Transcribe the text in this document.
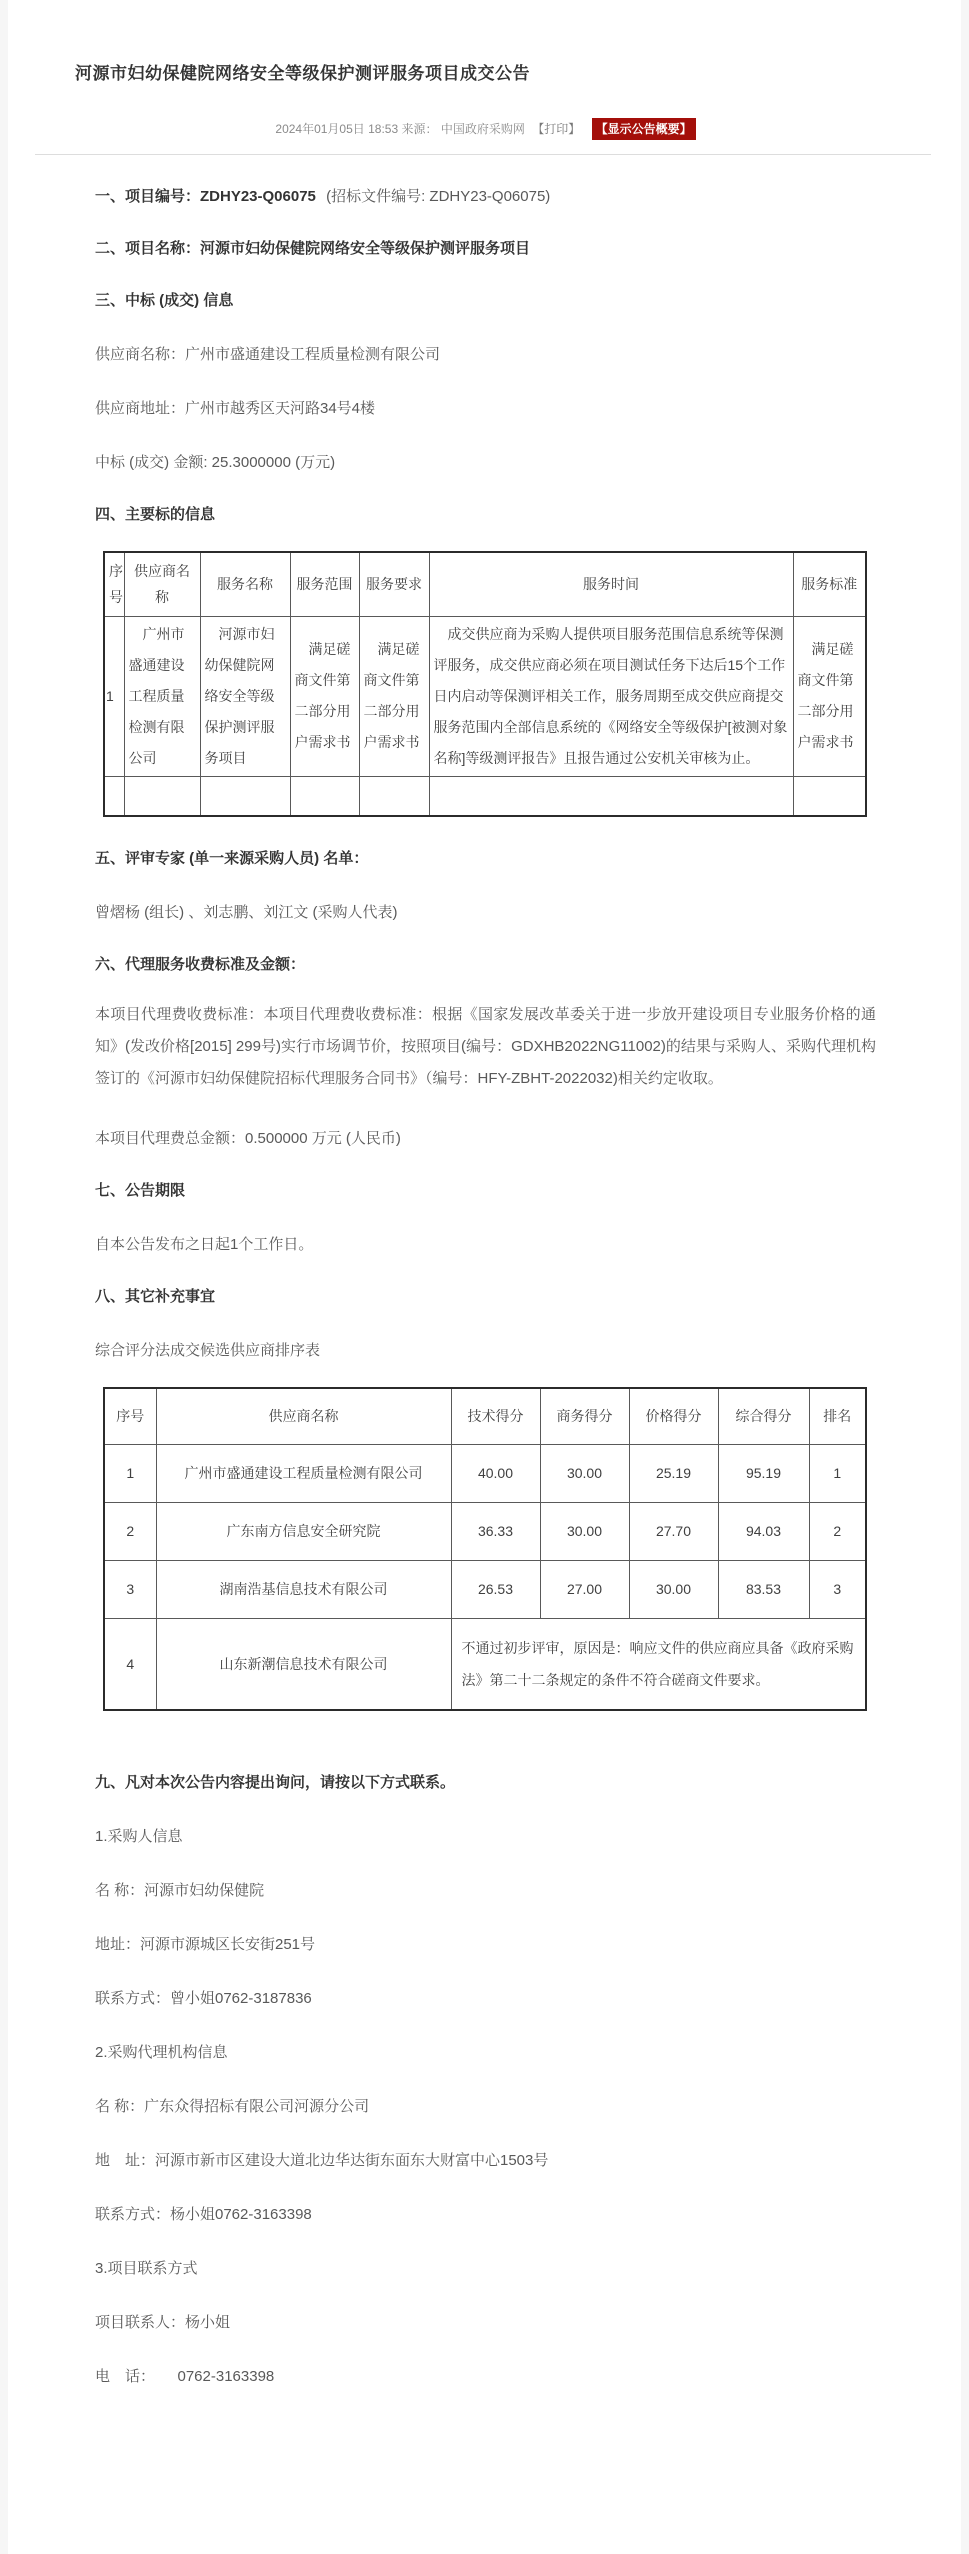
河源市妇幼保健院网络安全等级保护测评服务项目成交公告
2024年01月05日 18:53 来源： 中国政府采购网 【打印】 【显示公告概要】

一、项目编号：ZDHY23-Q06075 (招标文件编号: ZDHY23-Q06075)

二、项目名称：河源市妇幼保健院网络安全等级保护测评服务项目

三、中标 (成交) 信息

供应商名称：广州市盛通建设工程质量检测有限公司

供应商地址：广州市越秀区天河路34号4楼

中标 (成交) 金额: 25.3000000 (万元)

四、主要标的信息

序号	供应商名称	服务名称	服务范围	服务要求	服务时间	服务标准
1	广州市盛通建设工程质量检测有限公司	河源市妇幼保健院网络安全等级保护测评服务项目	满足磋商文件第二部分用户需求书	满足磋商文件第二部分用户需求书	成交供应商为采购人提供项目服务范围信息系统等保测评服务，成交供应商必须在项目测试任务下达后15个工作日内启动等保测评相关工作，服务周期至成交供应商提交服务范围内全部信息系统的《网络安全等级保护[被测对象名称]等级测评报告》且报告通过公安机关审核为止。	满足磋商文件第二部分用户需求书

五、评审专家 (单一来源采购人员) 名单：

曾熠杨 (组长) 、刘志鹏、刘江文 (采购人代表)

六、代理服务收费标准及金额：

本项目代理费收费标准：本项目代理费收费标准：根据《国家发展改革委关于进一步放开建设项目专业服务价格的通知》(发改价格[2015] 299号)实行市场调节价，按照项目(编号：GDXHB2022NG11002)的结果与采购人、采购代理机构签订的《河源市妇幼保健院招标代理服务合同书》（编号：HFY-ZBHT-2022032)相关约定收取。

本项目代理费总金额：0.500000 万元 (人民币)

七、公告期限

自本公告发布之日起1个工作日。

八、其它补充事宜

综合评分法成交候选供应商排序表

序号	供应商名称	技术得分	商务得分	价格得分	综合得分	排名
1	广州市盛通建设工程质量检测有限公司	40.00	30.00	25.19	95.19	1
2	广东南方信息安全研究院	36.33	30.00	27.70	94.03	2
3	湖南浩基信息技术有限公司	26.53	27.00	30.00	83.53	3
4	山东新潮信息技术有限公司	不通过初步评审，原因是：响应文件的供应商应具备《政府采购法》第二十二条规定的条件不符合磋商文件要求。				

九、凡对本次公告内容提出询问，请按以下方式联系。

1.采购人信息

名 称：河源市妇幼保健院

地址：河源市源城区长安街251号

联系方式：曾小姐0762-3187836

2.采购代理机构信息

名 称：广东众得招标有限公司河源分公司

地　址：河源市新市区建设大道北边华达街东面东大财富中心1503号

联系方式：杨小姐0762-3163398

3.项目联系方式

项目联系人：杨小姐

电　话：　　0762-3163398
